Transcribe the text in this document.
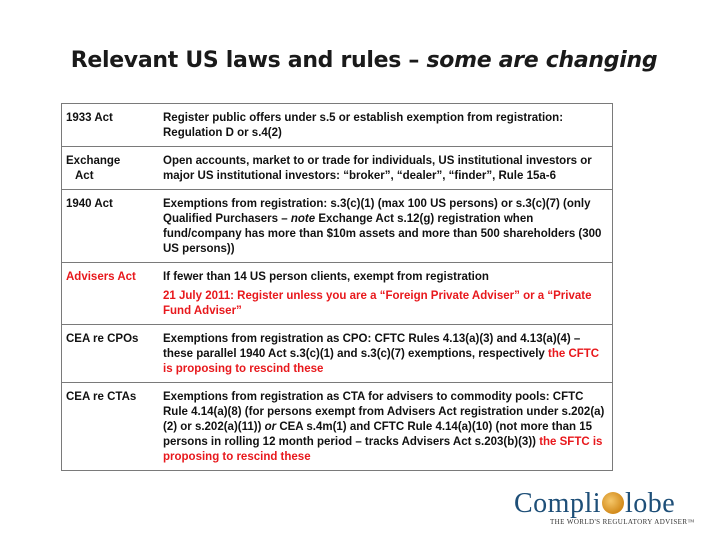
Relevant US laws and rules – some are changing
1933 Act	Register public offers under s.5 or establish exemption from registration: Regulation D or s.4(2)

Exchange
Act	Open accounts, market to or trade for individuals, US institutional investors or major US institutional investors: “broker”, “dealer”, “finder”, Rule 15a-6
1940 Act	Exemptions from registration: s.3(c)(1) (max 100 US persons) or s.3(c)(7) (only Qualified Purchasers – note Exchange Act s.12(g) registration when fund/company has more than $10m assets and more than 500 shareholders (300 US persons))
Advisers Act	If fewer than 14 US person clients, exempt from registration
21 July 2011: Register unless you are a “Foreign Private Adviser” or a “Private Fund Adviser”
CEA re CPOs	Exemptions from registration as CPO: CFTC Rules 4.13(a)(3) and 4.13(a)(4) – these parallel 1940 Act s.3(c)(1) and s.3(c)(7) exemptions, respectively the CFTC is proposing to rescind these
CEA re CTAs	Exemptions from registration as CTA for advisers to commodity pools: CFTC Rule 4.14(a)(8) (for persons exempt from Advisers Act registration under s.202(a)(2) or s.202(a)(11)) or CEA s.4m(1) and CFTC Rule 4.14(a)(10) (not more than 15 persons in rolling 12 month period – tracks Advisers Act s.203(b)(3)) the SFTC is proposing to rescind these
Compli lobe
THE WORLD'S REGULATORY ADVISER™
